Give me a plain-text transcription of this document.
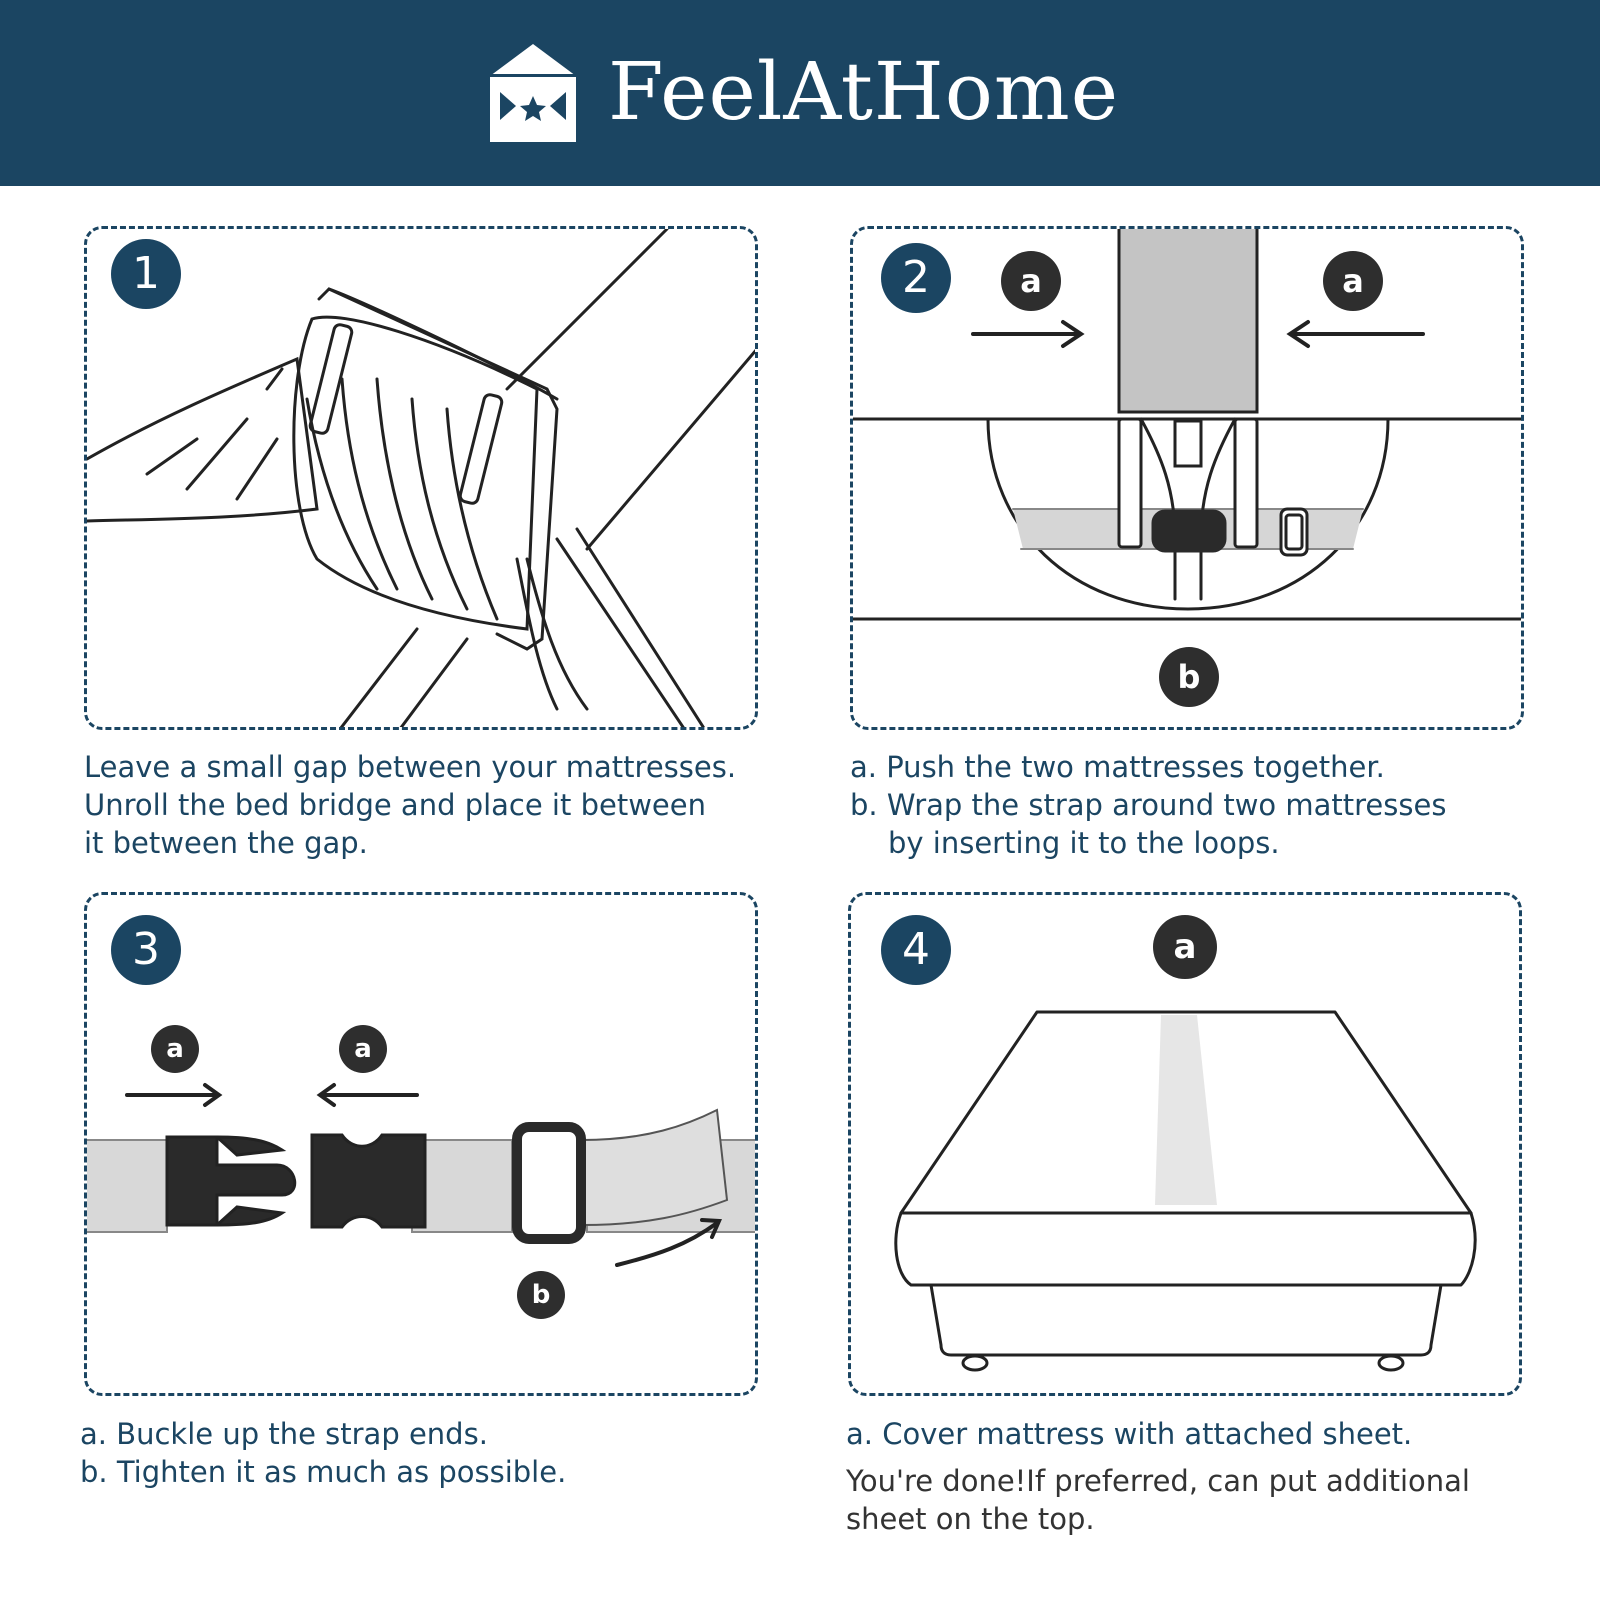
FeelAtHome
1
Leave a small gap between your mattresses.
Unroll the bed bridge and place it between
it between the gap.
2	a	a
b
a. Push the two mattresses together.
b. Wrap the strap around two mattresses
by inserting it to the loops.
3
a	a
b
a. Buckle up the strap ends.
b. Tighten it as much as possible.
4	a
a. Cover mattress with attached sheet.
You're done!If preferred, can put additional
sheet on the top.
